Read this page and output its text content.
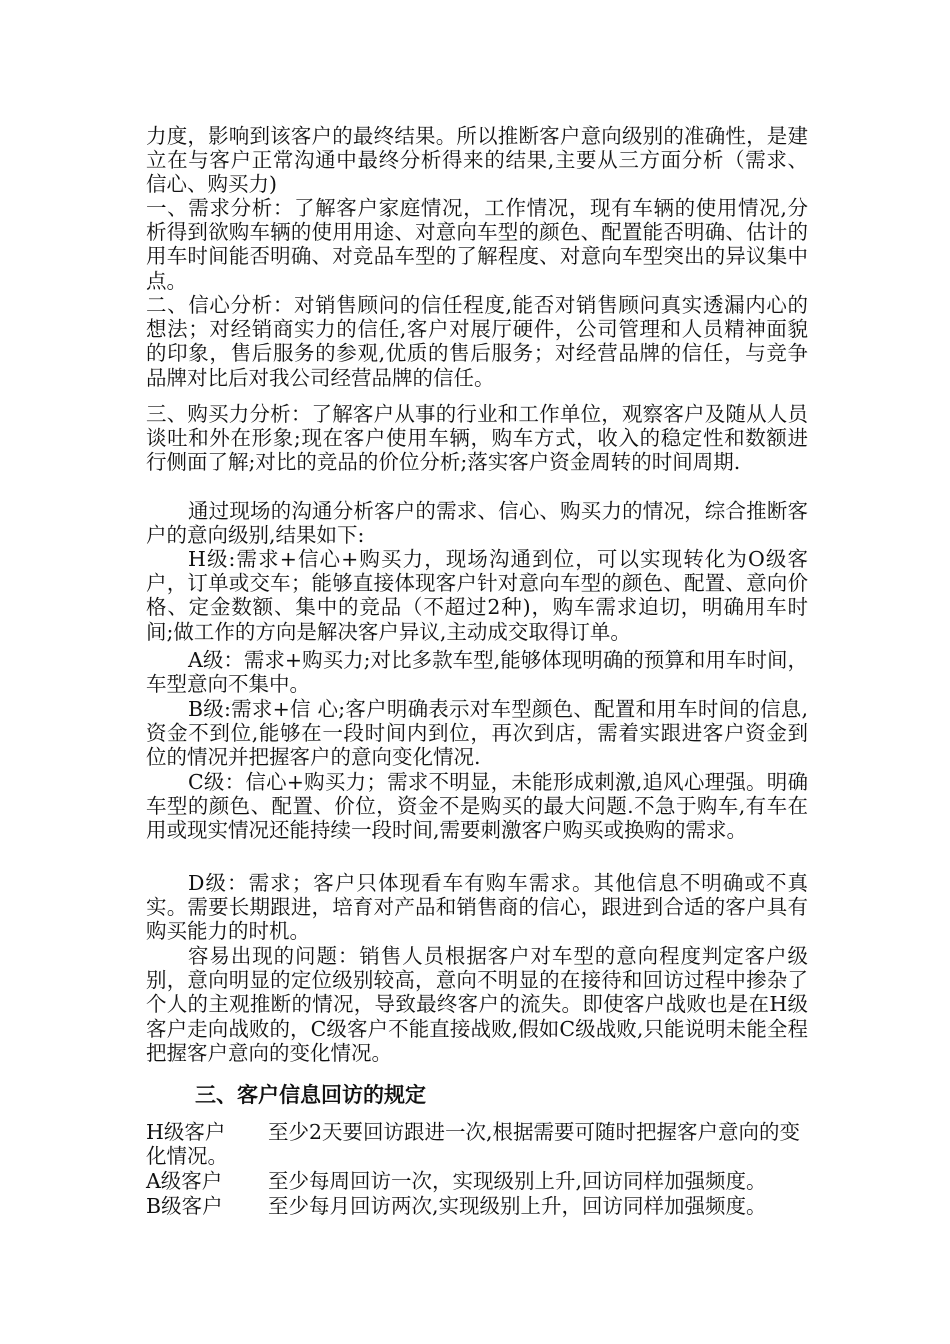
力度，影响到该客户的最终结果。所以推断客户意向级别的准确性，是建立在与客户正常沟通中最终分析得来的结果,主要从三方面分析（需求、信心、购买力)

一、需求分析：了解客户家庭情况，工作情况，现有车辆的使用情况,分析得到欲购车辆的使用用途、对意向车型的颜色、配置能否明确、估计的用车时间能否明确、对竞品车型的了解程度、对意向车型突出的异议集中点。

二、信心分析：对销售顾问的信任程度,能否对销售顾问真实透漏内心的想法；对经销商实力的信任,客户对展厅硬件，公司管理和人员精神面貌的印象，售后服务的参观,优质的售后服务；对经营品牌的信任，与竞争品牌对比后对我公司经营品牌的信任。

三、购买力分析：了解客户从事的行业和工作单位，观察客户及随从人员谈吐和外在形象;现在客户使用车辆，购车方式，收入的稳定性和数额进行侧面了解;对比的竞品的价位分析;落实客户资金周转的时间周期.

通过现场的沟通分析客户的需求、信心、购买力的情况，综合推断客户的意向级别,结果如下:

H级:需求+信心+购买力，现场沟通到位，可以实现转化为O级客户，订单或交车；能够直接体现客户针对意向车型的颜色、配置、意向价格、定金数额、集中的竞品（不超过2种)，购车需求迫切，明确用车时间;做工作的方向是解决客户异议,主动成交取得订单。

A级：需求+购买力;对比多款车型,能够体现明确的预算和用车时间，车型意向不集中。

B级:需求+信 心;客户明确表示对车型颜色、配置和用车时间的信息,资金不到位,能够在一段时间内到位，再次到店，需着实跟进客户资金到位的情况并把握客户的意向变化情况.

C级：信心+购买力；需求不明显，未能形成刺激,追风心理强。明确车型的颜色、配置、价位，资金不是购买的最大问题.不急于购车,有车在用或现实情况还能持续一段时间,需要刺激客户购买或换购的需求。

D级：需求；客户只体现看车有购车需求。其他信息不明确或不真实。需要长期跟进，培育对产品和销售商的信心，跟进到合适的客户具有购买能力的时机。

容易出现的问题：销售人员根据客户对车型的意向程度判定客户级别，意向明显的定位级别较高，意向不明显的在接待和回访过程中掺杂了个人的主观推断的情况，导致最终客户的流失。即使客户战败也是在H级客户走向战败的，C级客户不能直接战败,假如C级战败,只能说明未能全程把握客户意向的变化情况。

三、客户信息回访的规定

H级客户 至少2天要回访跟进一次,根据需要可随时把握客户意向的变化情况。

A级客户 至少每周回访一次，实现级别上升,回访同样加强频度。

B级客户 至少每月回访两次,实现级别上升，回访同样加强频度。
